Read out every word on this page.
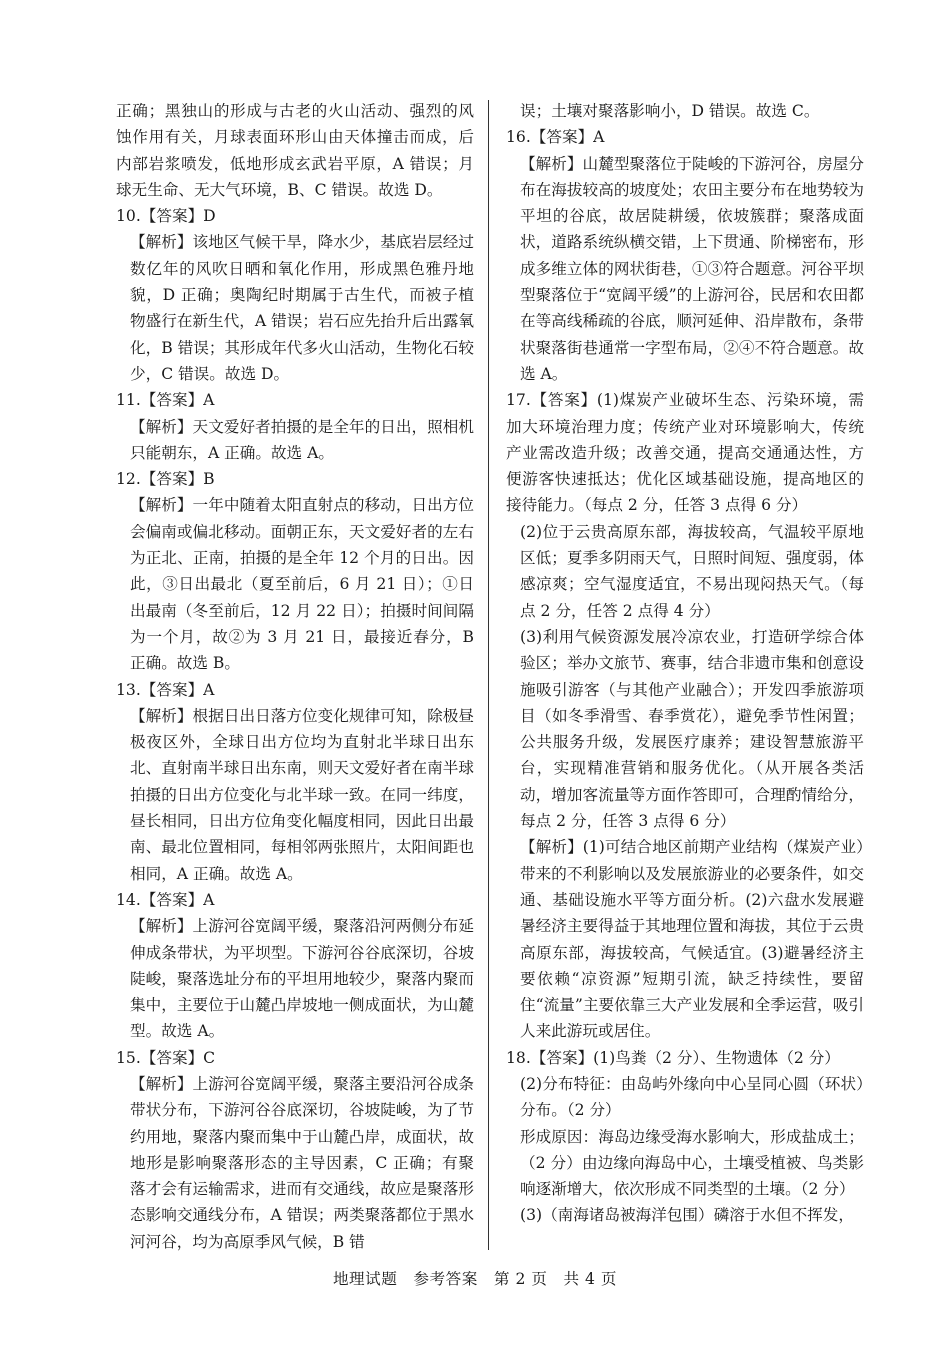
正确；黑独山的形成与古老的火山活动、强烈的风蚀作用有关，月球表面环形山由天体撞击而成，后内部岩浆喷发，低地形成玄武岩平原，A 错误；月球无生命、无大气环境，B、C 错误。故选 D。

10.【答案】D

【解析】该地区气候干旱，降水少，基底岩层经过数亿年的风吹日晒和氧化作用，形成黑色雅丹地貌，D 正确；奥陶纪时期属于古生代，而被子植物盛行在新生代，A 错误；岩石应先抬升后出露氧化，B 错误；其形成年代多火山活动，生物化石较少，C 错误。故选 D。

11.【答案】A

【解析】天文爱好者拍摄的是全年的日出，照相机只能朝东，A 正确。故选 A。

12.【答案】B

【解析】一年中随着太阳直射点的移动，日出方位会偏南或偏北移动。面朝正东，天文爱好者的左右为正北、正南，拍摄的是全年 12 个月的日出。因此，③日出最北（夏至前后，6 月 21 日）；①日出最南（冬至前后，12 月 22 日）；拍摄时间间隔为一个月，故②为 3 月 21 日，最接近春分，B 正确。故选 B。

13.【答案】A

【解析】根据日出日落方位变化规律可知，除极昼极夜区外，全球日出方位均为直射北半球日出东北、直射南半球日出东南，则天文爱好者在南半球拍摄的日出方位变化与北半球一致。在同一纬度，昼长相同，日出方位角变化幅度相同，因此日出最南、最北位置相同，每相邻两张照片，太阳间距也相同，A 正确。故选 A。

14.【答案】A

【解析】上游河谷宽阔平缓，聚落沿河两侧分布延伸成条带状，为平坝型。下游河谷谷底深切，谷坡陡峻，聚落选址分布的平坦用地较少，聚落内聚而集中，主要位于山麓凸岸坡地一侧成面状，为山麓型。故选 A。

15.【答案】C

【解析】上游河谷宽阔平缓，聚落主要沿河谷成条带状分布，下游河谷谷底深切，谷坡陡峻，为了节约用地，聚落内聚而集中于山麓凸岸，成面状，故地形是影响聚落形态的主导因素，C 正确；有聚落才会有运输需求，进而有交通线，故应是聚落形态影响交通线分布，A 错误；两类聚落都位于黑水河河谷，均为高原季风气候，B 错

误；土壤对聚落影响小，D 错误。故选 C。

16.【答案】A

【解析】山麓型聚落位于陡峻的下游河谷，房屋分布在海拔较高的坡度处；农田主要分布在地势较为平坦的谷底，故居陡耕缓，依坡簇群；聚落成面状，道路系统纵横交错，上下贯通、阶梯密布，形成多维立体的网状街巷，①③符合题意。河谷平坝型聚落位于“宽阔平缓”的上游河谷，民居和农田都在等高线稀疏的谷底，顺河延伸、沿岸散布，条带状聚落街巷通常一字型布局，②④不符合题意。故选 A。

17.【答案】(1)煤炭产业破坏生态、污染环境，需加大环境治理力度；传统产业对环境影响大，传统产业需改造升级；改善交通，提高交通通达性，方便游客快速抵达；优化区域基础设施，提高地区的接待能力。（每点 2 分，任答 3 点得 6 分）

(2)位于云贵高原东部，海拔较高，气温较平原地区低；夏季多阴雨天气，日照时间短、强度弱，体感凉爽；空气湿度适宜，不易出现闷热天气。（每点 2 分，任答 2 点得 4 分）

(3)利用气候资源发展冷凉农业，打造研学综合体验区；举办文旅节、赛事，结合非遗市集和创意设施吸引游客（与其他产业融合）；开发四季旅游项目（如冬季滑雪、春季赏花），避免季节性闲置；公共服务升级，发展医疗康养；建设智慧旅游平台，实现精准营销和服务优化。（从开展各类活动，增加客流量等方面作答即可，合理酌情给分，每点 2 分，任答 3 点得 6 分）

【解析】(1)可结合地区前期产业结构（煤炭产业）带来的不利影响以及发展旅游业的必要条件，如交通、基础设施水平等方面分析。(2)六盘水发展避暑经济主要得益于其地理位置和海拔，其位于云贵高原东部，海拔较高，气候适宜。(3)避暑经济主要依赖“凉资源”短期引流，缺乏持续性，要留住“流量”主要依靠三大产业发展和全季运营，吸引人来此游玩或居住。

18.【答案】(1)鸟粪（2 分）、生物遗体（2 分）

(2)分布特征：由岛屿外缘向中心呈同心圆（环状）分布。（2 分）

形成原因：海岛边缘受海水影响大，形成盐成土；（2 分）由边缘向海岛中心，土壤受植被、鸟类影响逐渐增大，依次形成不同类型的土壤。（2 分）

(3)（南海诸岛被海洋包围）磷溶于水但不挥发，

地理试题　参考答案　第 2 页　共 4 页
